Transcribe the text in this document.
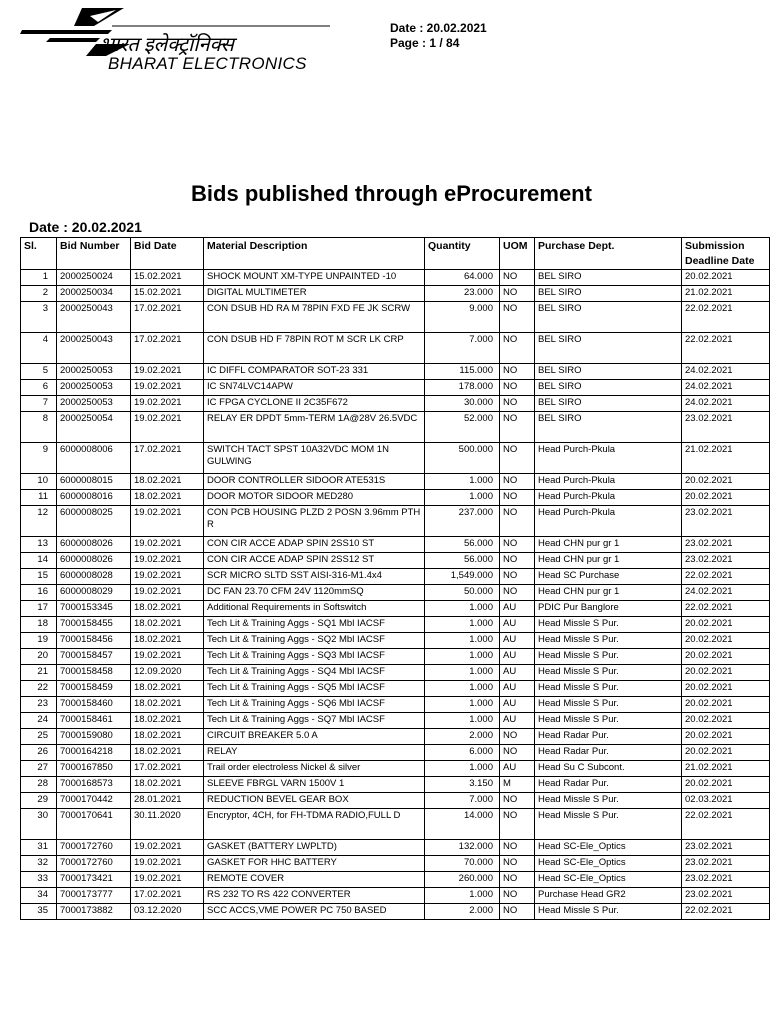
भारत इलेक्ट्रॉनिक्स
BHARAT ELECTRONICS
Date : 20.02.2021
Page : 1 / 84
Bids published through eProcurement
Date : 20.02.2021
Sl.	Bid Number	Bid Date	Material Description	Quantity	UOM	Purchase Dept.	Submission Deadline Date
1	2000250024	15.02.2021	SHOCK MOUNT XM-TYPE UNPAINTED -10	64.000	NO	BEL SIRO	20.02.2021
2	2000250034	15.02.2021	DIGITAL MULTIMETER	23.000	NO	BEL SIRO	21.02.2021
3	2000250043	17.02.2021	CON DSUB HD RA M 78PIN FXD FE JK SCRW	9.000	NO	BEL SIRO	22.02.2021
4	2000250043	17.02.2021	CON DSUB HD F 78PIN ROT M SCR LK CRP	7.000	NO	BEL SIRO	22.02.2021
5	2000250053	19.02.2021	IC DIFFL COMPARATOR SOT-23 331	115.000	NO	BEL SIRO	24.02.2021
6	2000250053	19.02.2021	IC SN74LVC14APW	178.000	NO	BEL SIRO	24.02.2021
7	2000250053	19.02.2021	IC FPGA CYCLONE II 2C35F672	30.000	NO	BEL SIRO	24.02.2021
8	2000250054	19.02.2021	RELAY ER DPDT 5mm-TERM 1A@28V 26.5VDC	52.000	NO	BEL SIRO	23.02.2021
9	6000008006	17.02.2021	SWITCH TACT SPST 10A32VDC MOM 1N GULWING	500.000	NO	Head Purch-Pkula	21.02.2021
10	6000008015	18.02.2021	DOOR CONTROLLER SIDOOR ATE531S	1.000	NO	Head Purch-Pkula	20.02.2021
11	6000008016	18.02.2021	DOOR MOTOR SIDOOR MED280	1.000	NO	Head Purch-Pkula	20.02.2021
12	6000008025	19.02.2021	CON PCB HOUSING PLZD 2 POSN 3.96mm PTH R	237.000	NO	Head Purch-Pkula	23.02.2021
13	6000008026	19.02.2021	CON CIR ACCE ADAP SPIN 2SS10 ST	56.000	NO	Head CHN pur gr 1	23.02.2021
14	6000008026	19.02.2021	CON CIR ACCE ADAP SPIN 2SS12 ST	56.000	NO	Head CHN pur gr 1	23.02.2021
15	6000008028	19.02.2021	SCR MICRO SLTD SST AISI-316-M1.4x4	1,549.000	NO	Head SC Purchase	22.02.2021
16	6000008029	19.02.2021	DC FAN 23.70 CFM 24V 1120mmSQ	50.000	NO	Head CHN pur gr 1	24.02.2021
17	7000153345	18.02.2021	Additional Requirements in Softswitch	1.000	AU	PDIC Pur Banglore	22.02.2021
18	7000158455	18.02.2021	Tech Lit & Training Aggs - SQ1 Mbl IACSF	1.000	AU	Head Missle S Pur.	20.02.2021
19	7000158456	18.02.2021	Tech Lit & Training Aggs - SQ2 Mbl IACSF	1.000	AU	Head Missle S Pur.	20.02.2021
20	7000158457	19.02.2021	Tech Lit & Training Aggs - SQ3 Mbl IACSF	1.000	AU	Head Missle S Pur.	20.02.2021
21	7000158458	12.09.2020	Tech Lit & Training Aggs - SQ4 Mbl IACSF	1.000	AU	Head Missle S Pur.	20.02.2021
22	7000158459	18.02.2021	Tech Lit & Training Aggs - SQ5 Mbl IACSF	1.000	AU	Head Missle S Pur.	20.02.2021
23	7000158460	18.02.2021	Tech Lit & Training Aggs - SQ6 Mbl IACSF	1.000	AU	Head Missle S Pur.	20.02.2021
24	7000158461	18.02.2021	Tech Lit & Training Aggs - SQ7 Mbl IACSF	1.000	AU	Head Missle S Pur.	20.02.2021
25	7000159080	18.02.2021	CIRCUIT BREAKER 5.0 A	2.000	NO	Head Radar Pur.	20.02.2021
26	7000164218	18.02.2021	RELAY	6.000	NO	Head Radar Pur.	20.02.2021
27	7000167850	17.02.2021	Trail order electroless Nickel & silver	1.000	AU	Head Su C Subcont.	21.02.2021
28	7000168573	18.02.2021	SLEEVE FBRGL VARN 1500V 1	3.150	M	Head Radar Pur.	20.02.2021
29	7000170442	28.01.2021	REDUCTION BEVEL GEAR BOX	7.000	NO	Head Missle S Pur.	02.03.2021
30	7000170641	30.11.2020	Encryptor, 4CH, for FH-TDMA RADIO,FULL D	14.000	NO	Head Missle S Pur.	22.02.2021
31	7000172760	19.02.2021	GASKET (BATTERY LWPLTD)	132.000	NO	Head SC-Ele_Optics	23.02.2021
32	7000172760	19.02.2021	GASKET FOR HHC BATTERY	70.000	NO	Head SC-Ele_Optics	23.02.2021
33	7000173421	19.02.2021	REMOTE COVER	260.000	NO	Head SC-Ele_Optics	23.02.2021
34	7000173777	17.02.2021	RS 232 TO RS 422 CONVERTER	1.000	NO	Purchase Head GR2	23.02.2021
35	7000173882	03.12.2020	SCC ACCS,VME POWER PC 750 BASED	2.000	NO	Head Missle S Pur.	22.02.2021
